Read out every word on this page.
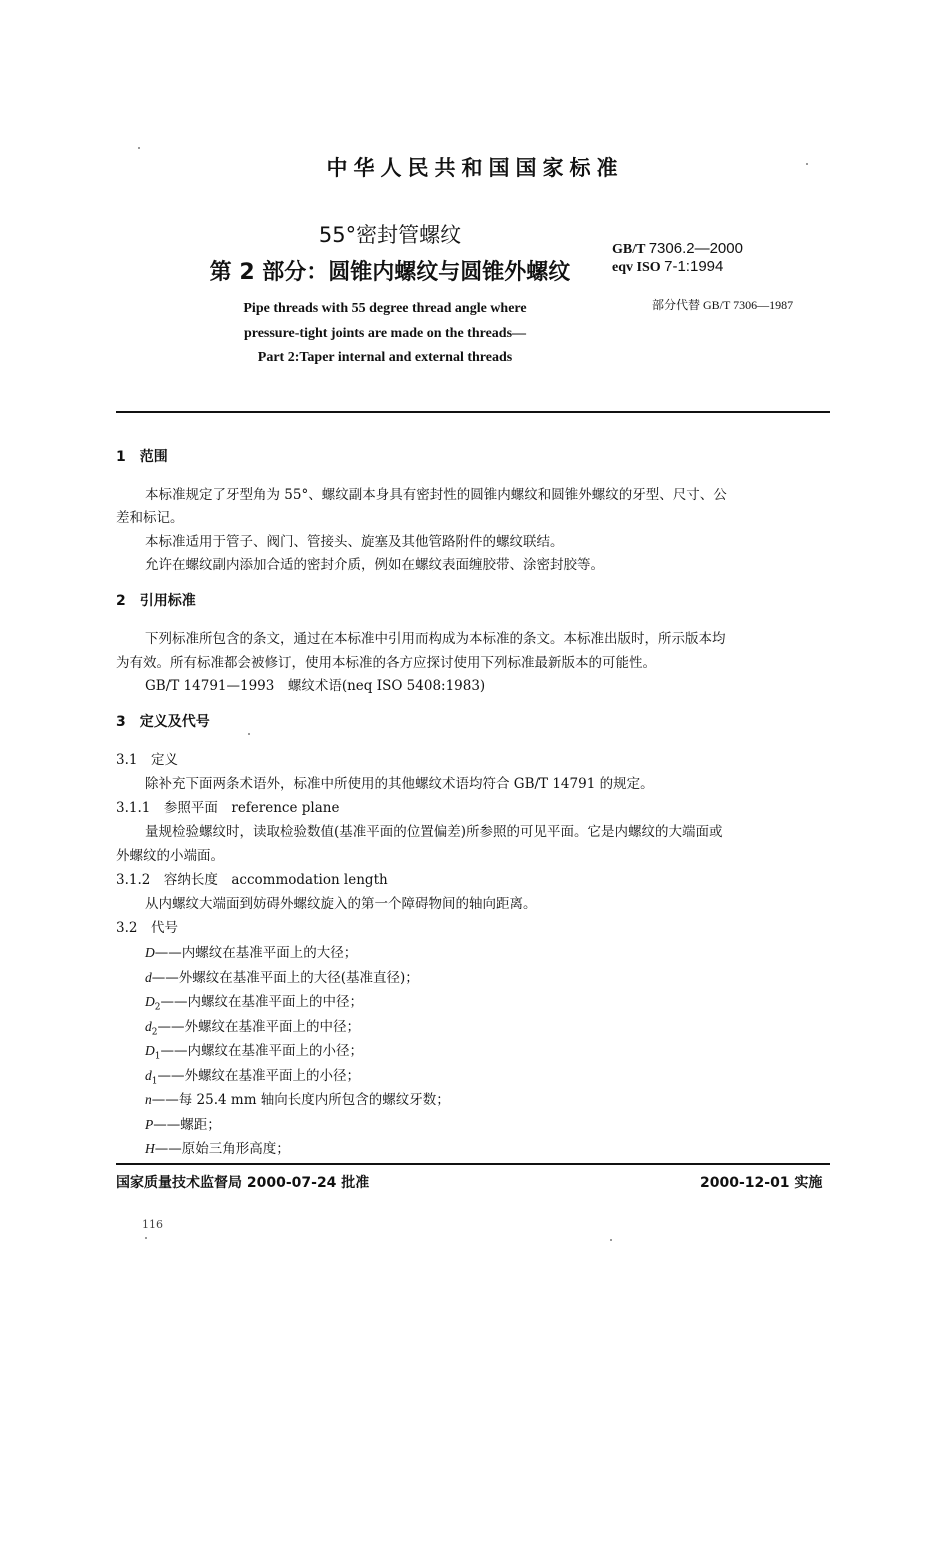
中华人民共和国国家标准
55°密封管螺纹
第 2 部分：圆锥内螺纹与圆锥外螺纹
Pipe threads with 55 degree thread angle where
pressure-tight joints are made on the threads—
Part 2:Taper internal and external threads
GB/T 7306.2—2000
eqv ISO 7-1:1994
部分代替 GB/T 7306—1987
1　范围
本标准规定了牙型角为 55°、螺纹副本身具有密封性的圆锥内螺纹和圆锥外螺纹的牙型、尺寸、公
差和标记。
本标准适用于管子、阀门、管接头、旋塞及其他管路附件的螺纹联结。
允许在螺纹副内添加合适的密封介质，例如在螺纹表面缠胶带、涂密封胶等。
2　引用标准
下列标准所包含的条文，通过在本标准中引用而构成为本标准的条文。本标准出版时，所示版本均
为有效。所有标准都会被修订，使用本标准的各方应探讨使用下列标准最新版本的可能性。
GB/T 14791—1993　螺纹术语(neq ISO 5408:1983)
3　定义及代号
3.1　定义
除补充下面两条术语外，标准中所使用的其他螺纹术语均符合 GB/T 14791 的规定。
3.1.1　参照平面　 reference plane
量规检验螺纹时，读取检验数值(基准平面的位置偏差)所参照的可见平面。它是内螺纹的大端面或
外螺纹的小端面。
3.1.2　容纳长度　 accommodation length
从内螺纹大端面到妨碍外螺纹旋入的第一个障碍物间的轴向距离。
3.2　代号
D——内螺纹在基准平面上的大径；
d——外螺纹在基准平面上的大径(基准直径)；
$D_2——$内螺纹在基准平面上的中径；
$d_2——$外螺纹在基准平面上的中径；
$D_1——$内螺纹在基准平面上的小径；
$d_1——$外螺纹在基准平面上的小径；
n——每 25.4 mm 轴向长度内所包含的螺纹牙数；
P——螺距；
H——原始三角形高度；
国家质量技术监督局 2000-07-24 批准	2000-12-01 实施
116
